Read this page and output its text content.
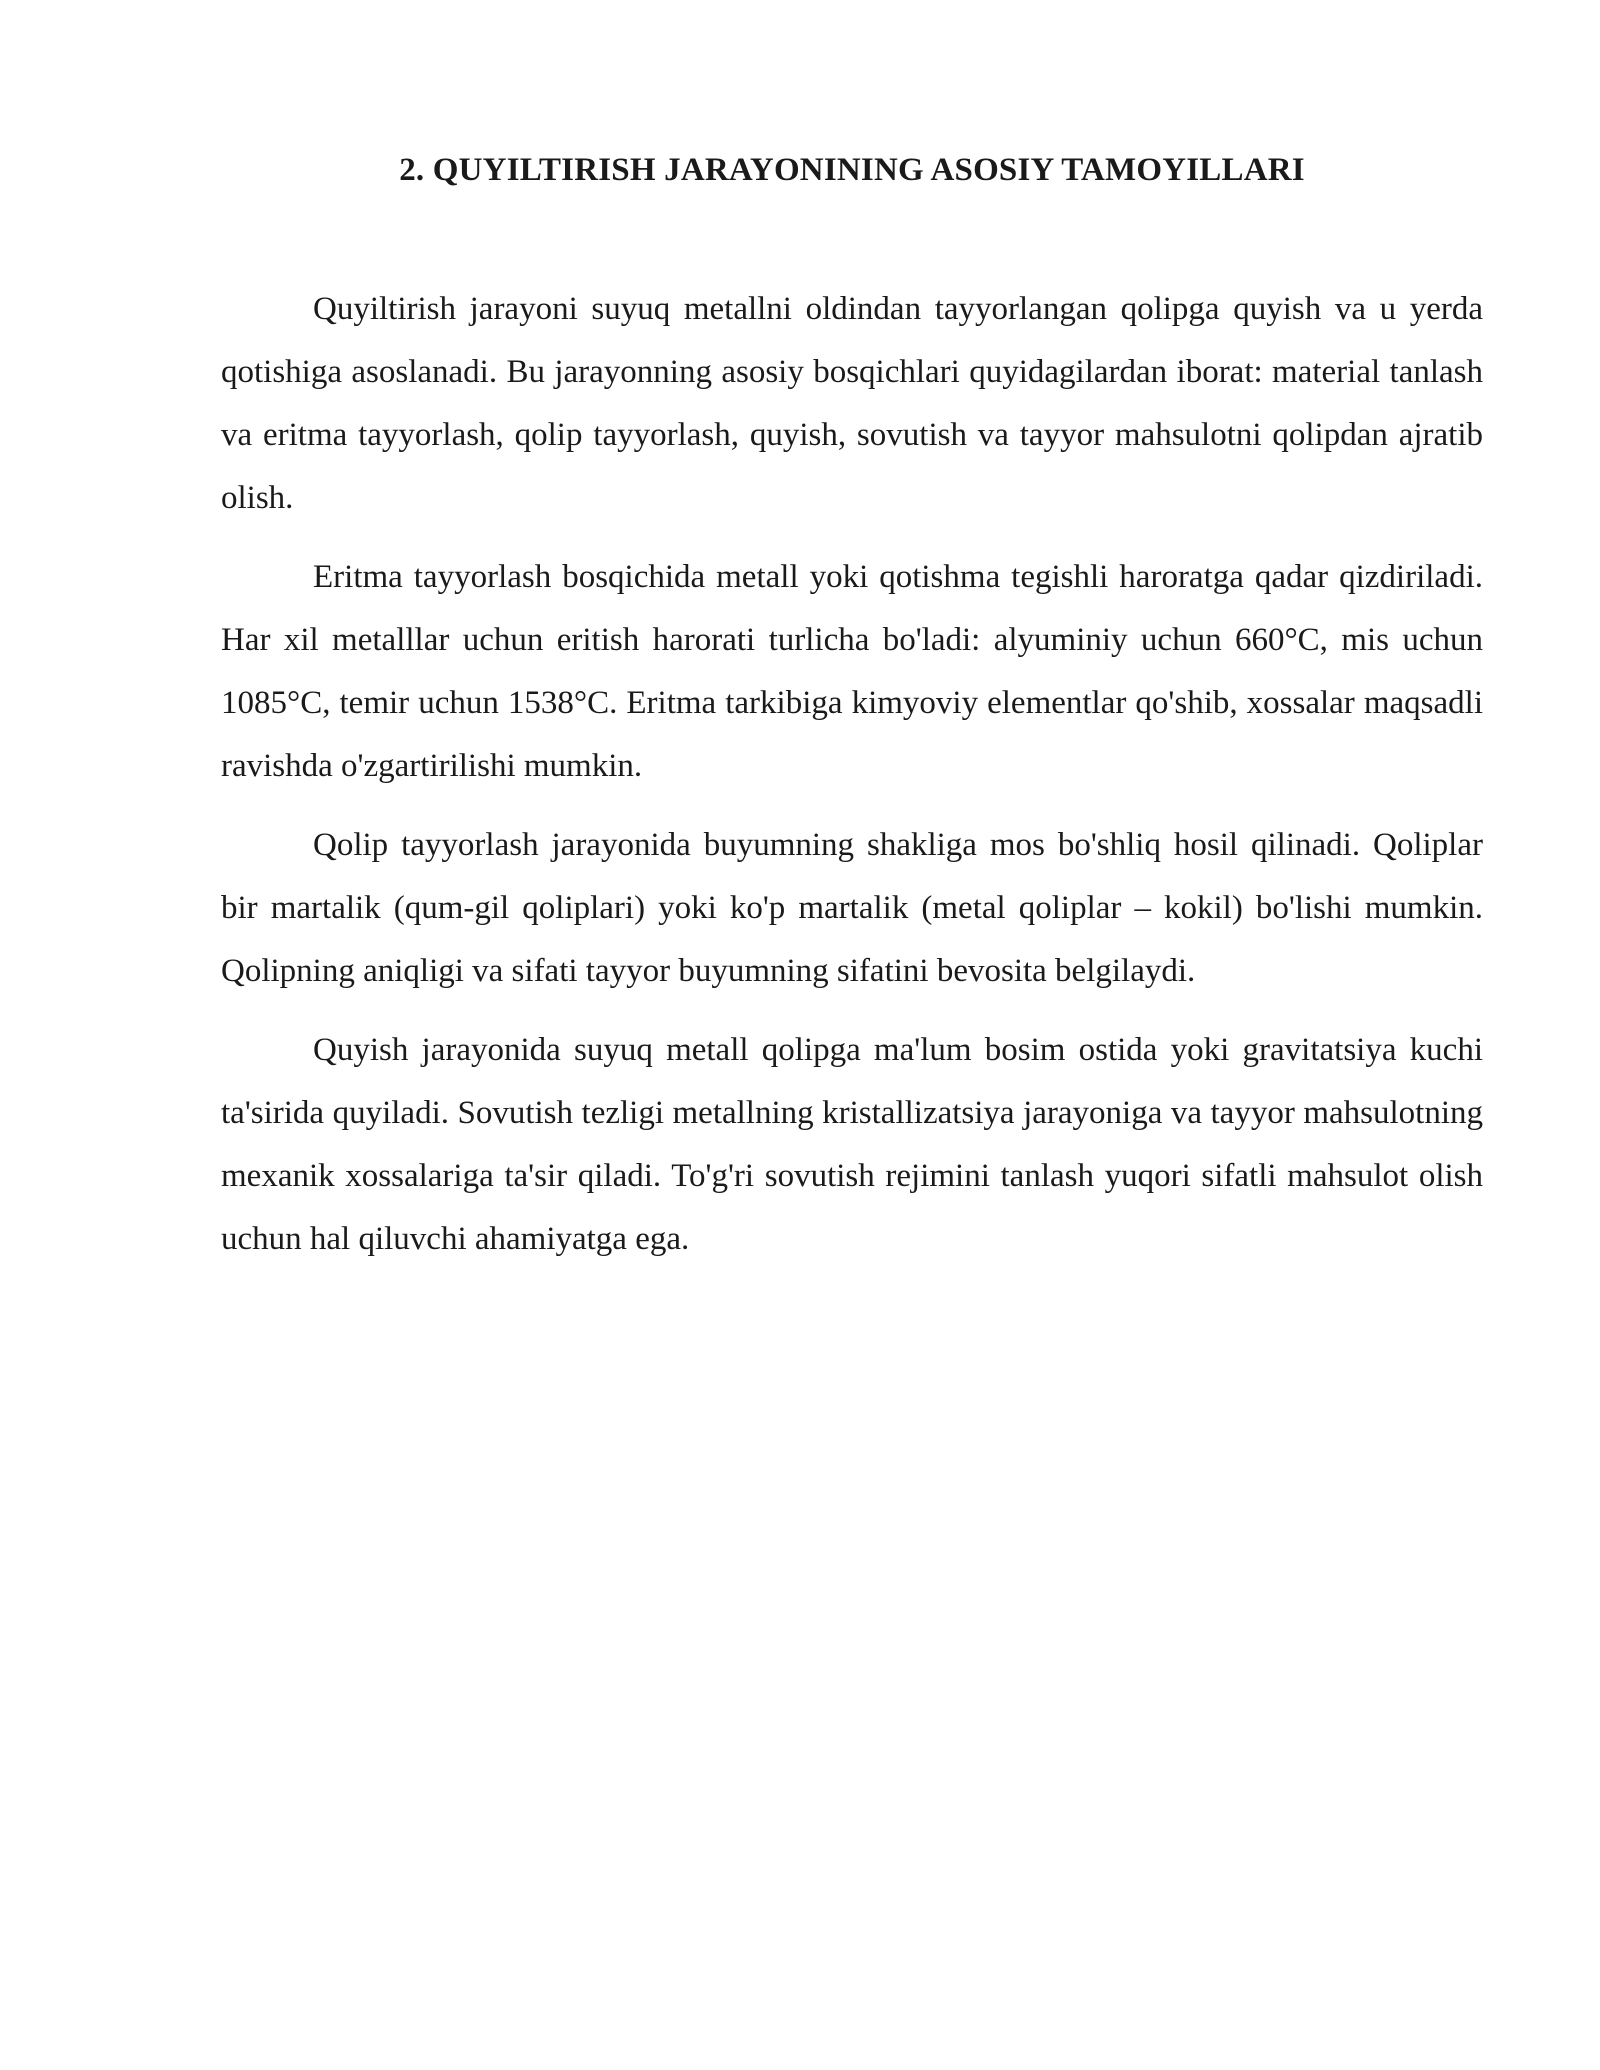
2. QUYILTIRISH JARAYONINING ASOSIY TAMOYILLARI

Quyiltirish jarayoni suyuq metallni oldindan tayyorlangan qolipga quyish va u yerda qotishiga asoslanadi. Bu jarayonning asosiy bosqichlari quyidagilardan iborat: material tanlash va eritma tayyorlash, qolip tayyorlash, quyish, sovutish va tayyor mahsulotni qolipdan ajratib olish.

Eritma tayyorlash bosqichida metall yoki qotishma tegishli haroratga qadar qizdiriladi. Har xil metalllar uchun eritish harorati turlicha bo'ladi: alyuminiy uchun 660°C, mis uchun 1085°C, temir uchun 1538°C. Eritma tarkibiga kimyoviy elementlar qo'shib, xossalar maqsadli ravishda o'zgartirilishi mumkin.

Qolip tayyorlash jarayonida buyumning shakliga mos bo'shliq hosil qilinadi. Qoliplar bir martalik (qum-gil qoliplari) yoki ko'p martalik (metal qoliplar – kokil) bo'lishi mumkin. Qolipning aniqligi va sifati tayyor buyumning sifatini bevosita belgilaydi.

Quyish jarayonida suyuq metall qolipga ma'lum bosim ostida yoki gravitatsiya kuchi ta'sirida quyiladi. Sovutish tezligi metallning kristallizatsiya jarayoniga va tayyor mahsulotning mexanik xossalariga ta'sir qiladi. To'g'ri sovutish rejimini tanlash yuqori sifatli mahsulot olish uchun hal qiluvchi ahamiyatga ega.
